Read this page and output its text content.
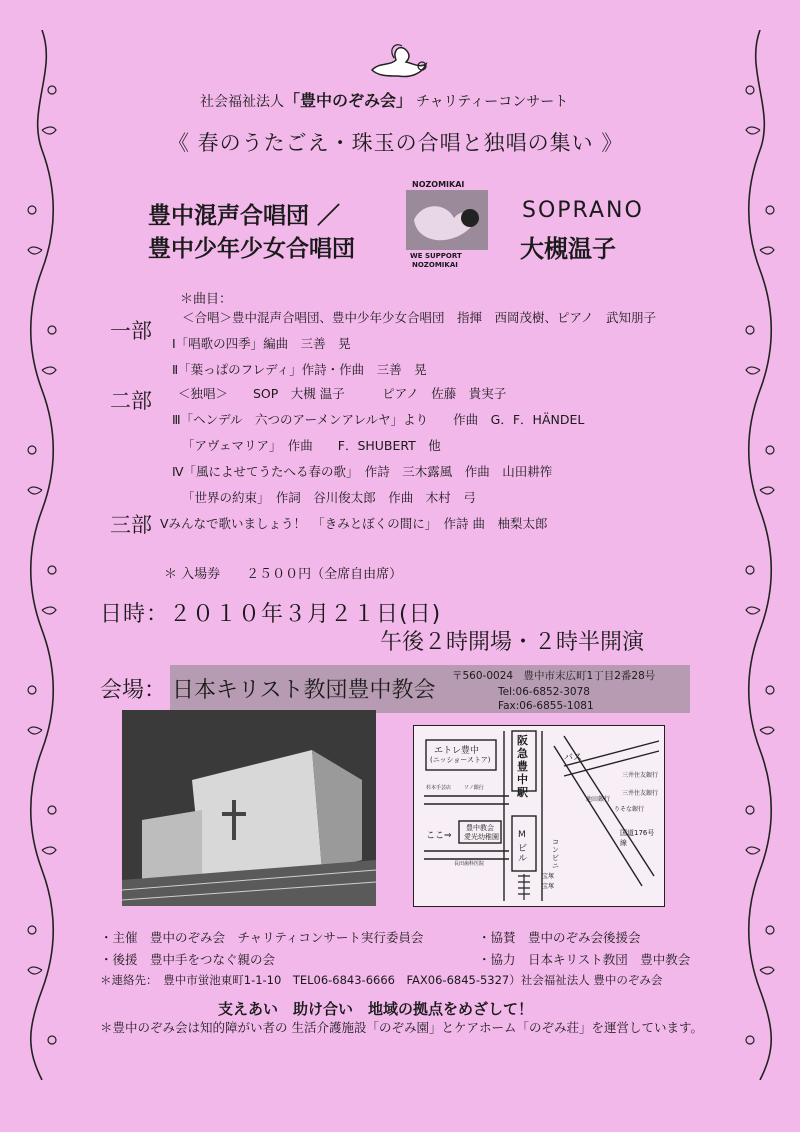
社会福祉法人「豊中のぞみ会」 チャリティーコンサート
《 春のうたごえ・珠玉の合唱と独唱の集い 》
豊中混声合唱団 ／
豊中少年少女合唱団
SOPRANO
大槻温子
NOZOMIKAI
WE SUPPORT
NOZOMIKAI
＊曲目：
一部
＜合唱＞豊中混声合唱団、豊中少年少女合唱団　指揮　西岡茂樹、ピアノ　武知朋子
Ⅰ「唱歌の四季」編曲　三善　晃
Ⅱ「葉っぱのフレディ」作詩・作曲　三善　晃
二部 ＜独唱＞　　SOP　大槻 温子　　　ピアノ　佐藤　貴実子
Ⅲ「ヘンデル　六つのアーメンアレルヤ」より　　作曲　G．F．HÄNDEL
「アヴェマリア」　作曲　　F．SHUBERT　他
Ⅳ「風によせてうたへる春の歌」　作詩　三木露風　作曲　山田耕筰
「世界の約束」　作詞　谷川俊太郎　作曲　木村　弓
三部 Ⅴみんなで歌いましょう！　「きみとぼくの間に」　作詩 曲　柚梨太郎
＊ 入場券　　２５００円（全席自由席）
日時：２０１０年３月２１日(日)
午後２時開場・２時半開演
会場： 日本キリスト教団豊中教会
〒560-0024　豊中市末広町1丁目2番28号
Tel:06-6852-3078
Fax:06-6855-1081
阪急豊中駅
エトレ豊中
(ニッショーストア)	バス
三井住友銀行
三井住友銀行
りそな銀行
国道176号線
豊中教会
愛光幼稚園
ここ⇒
コンビニ
M
ビル
杉本手芸店	ソノ銀行
長田歯科医院
池田銀行
宝塚
宝塚
・主催　豊中のぞみ会　チャリティコンサート実行委員会	・協賛　豊中のぞみ会後援会
・後援　豊中手をつなぐ親の会	・協力　日本キリスト教団　豊中教会
＊連絡先：　豊中市蛍池東町1-1-10　TEL06-6843-6666　FAX06-6845-5327）社会福祉法人 豊中のぞみ会
支えあい　助け合い　地域の拠点をめざして！
＊豊中のぞみ会は知的障がい者の 生活介護施設「のぞみ園」とケアホーム「のぞみ荘」を運営しています。
